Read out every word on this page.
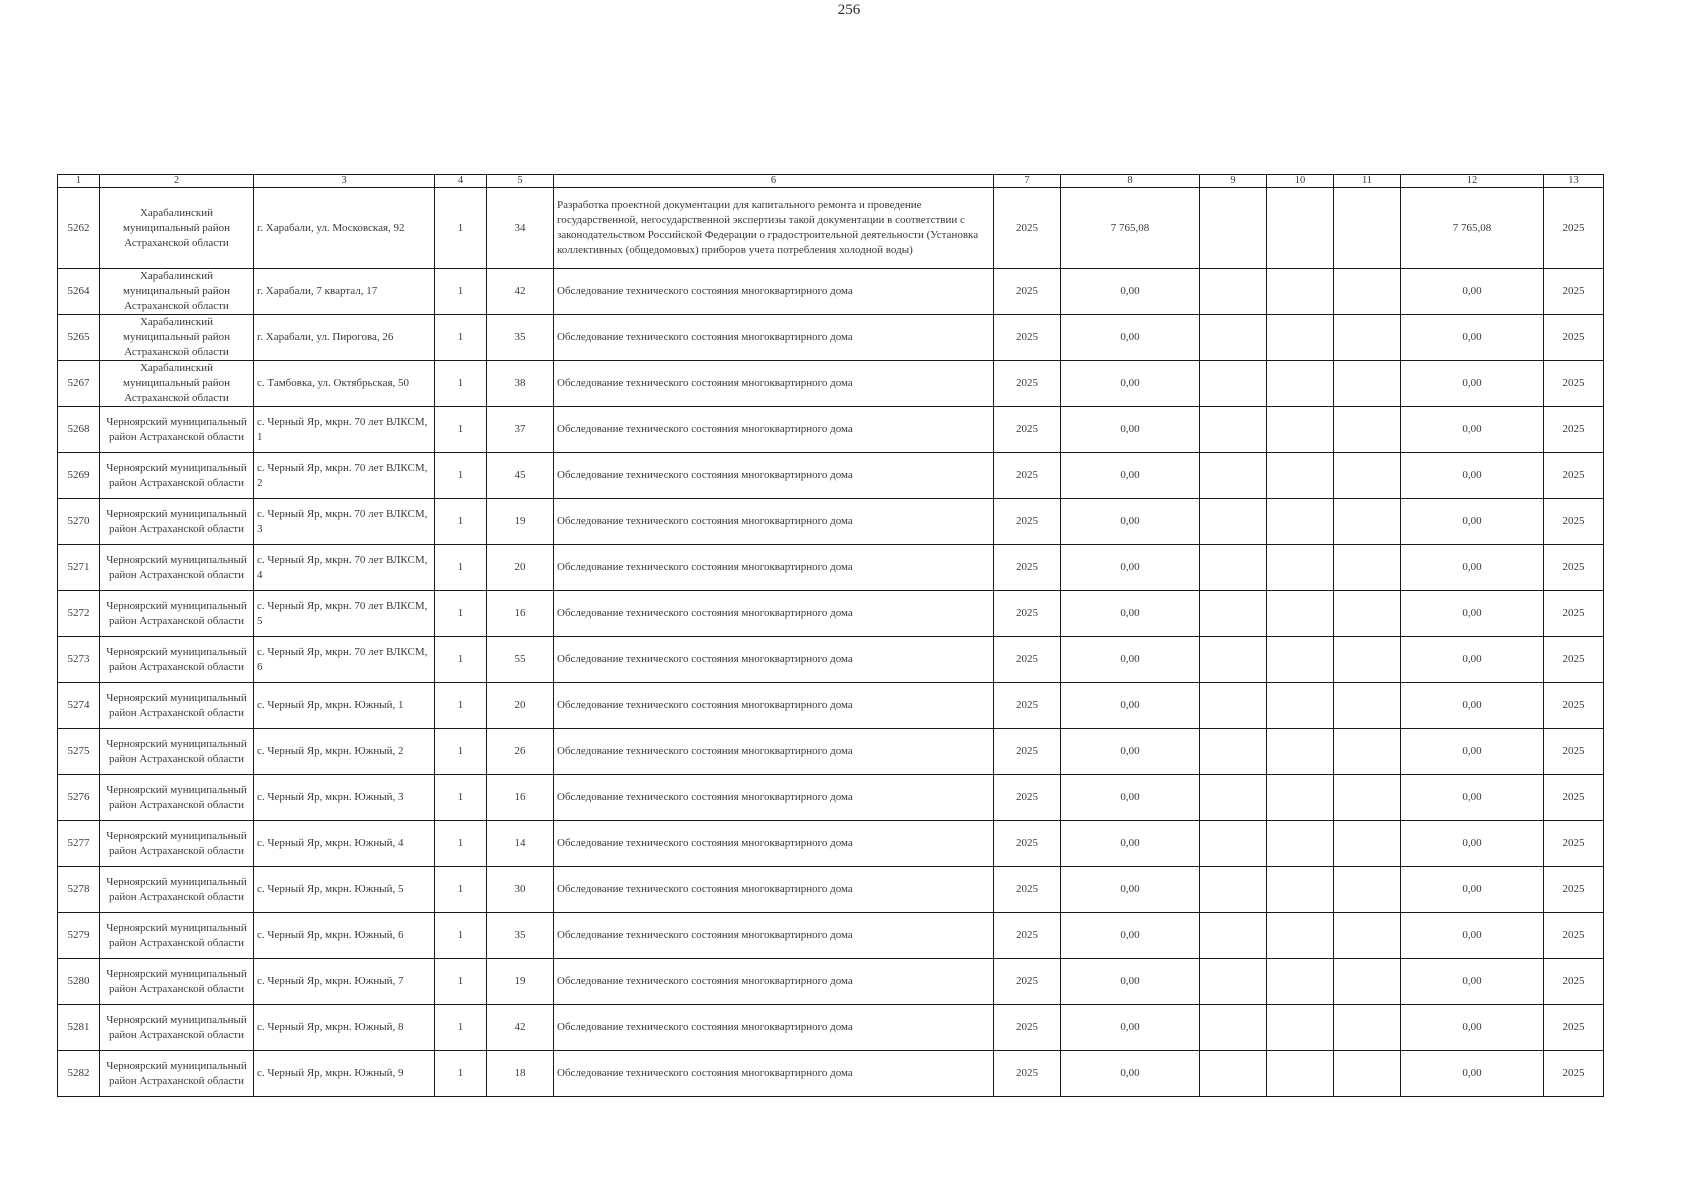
256
1	2	3	4	5	6	7	8	9	10	11	12	13
5262	Харабалинский муниципальный район Астраханской области	г. Харабали, ул. Московская, 92	1	34	Разработка проектной документации для капитального ремонта и проведение государственной, негосударственной экспертизы такой документации в соответствии с законодательством Российской Федерации о градостроительной деятельности (Установка коллективных (общедомовых) приборов учета потребления холодной воды)	2025	7 765,08				7 765,08	2025
5264	Харабалинский муниципальный район Астраханской области	г. Харабали, 7 квартал, 17	1	42	Обследование технического состояния многоквартирного дома	2025	0,00				0,00	2025
5265	Харабалинский муниципальный район Астраханской области	г. Харабали, ул. Пирогова, 26	1	35	Обследование технического состояния многоквартирного дома	2025	0,00				0,00	2025
5267	Харабалинский муниципальный район Астраханской области	с. Тамбовка, ул. Октябрьская, 50	1	38	Обследование технического состояния многоквартирного дома	2025	0,00				0,00	2025
5268	Черноярский муниципальный район Астраханской области	с. Черный Яр, мкрн. 70 лет ВЛКСМ, 1	1	37	Обследование технического состояния многоквартирного дома	2025	0,00				0,00	2025
5269	Черноярский муниципальный район Астраханской области	с. Черный Яр, мкрн. 70 лет ВЛКСМ, 2	1	45	Обследование технического состояния многоквартирного дома	2025	0,00				0,00	2025
5270	Черноярский муниципальный район Астраханской области	с. Черный Яр, мкрн. 70 лет ВЛКСМ, 3	1	19	Обследование технического состояния многоквартирного дома	2025	0,00				0,00	2025
5271	Черноярский муниципальный район Астраханской области	с. Черный Яр, мкрн. 70 лет ВЛКСМ, 4	1	20	Обследование технического состояния многоквартирного дома	2025	0,00				0,00	2025
5272	Черноярский муниципальный район Астраханской области	с. Черный Яр, мкрн. 70 лет ВЛКСМ, 5	1	16	Обследование технического состояния многоквартирного дома	2025	0,00				0,00	2025
5273	Черноярский муниципальный район Астраханской области	с. Черный Яр, мкрн. 70 лет ВЛКСМ, 6	1	55	Обследование технического состояния многоквартирного дома	2025	0,00				0,00	2025
5274	Черноярский муниципальный район Астраханской области	с. Черный Яр, мкрн. Южный, 1	1	20	Обследование технического состояния многоквартирного дома	2025	0,00				0,00	2025
5275	Черноярский муниципальный район Астраханской области	с. Черный Яр, мкрн. Южный, 2	1	26	Обследование технического состояния многоквартирного дома	2025	0,00				0,00	2025
5276	Черноярский муниципальный район Астраханской области	с. Черный Яр, мкрн. Южный, 3	1	16	Обследование технического состояния многоквартирного дома	2025	0,00				0,00	2025
5277	Черноярский муниципальный район Астраханской области	с. Черный Яр, мкрн. Южный, 4	1	14	Обследование технического состояния многоквартирного дома	2025	0,00				0,00	2025
5278	Черноярский муниципальный район Астраханской области	с. Черный Яр, мкрн. Южный, 5	1	30	Обследование технического состояния многоквартирного дома	2025	0,00				0,00	2025
5279	Черноярский муниципальный район Астраханской области	с. Черный Яр, мкрн. Южный, 6	1	35	Обследование технического состояния многоквартирного дома	2025	0,00				0,00	2025
5280	Черноярский муниципальный район Астраханской области	с. Черный Яр, мкрн. Южный, 7	1	19	Обследование технического состояния многоквартирного дома	2025	0,00				0,00	2025
5281	Черноярский муниципальный район Астраханской области	с. Черный Яр, мкрн. Южный, 8	1	42	Обследование технического состояния многоквартирного дома	2025	0,00				0,00	2025
5282	Черноярский муниципальный район Астраханской области	с. Черный Яр, мкрн. Южный, 9	1	18	Обследование технического состояния многоквартирного дома	2025	0,00				0,00	2025
